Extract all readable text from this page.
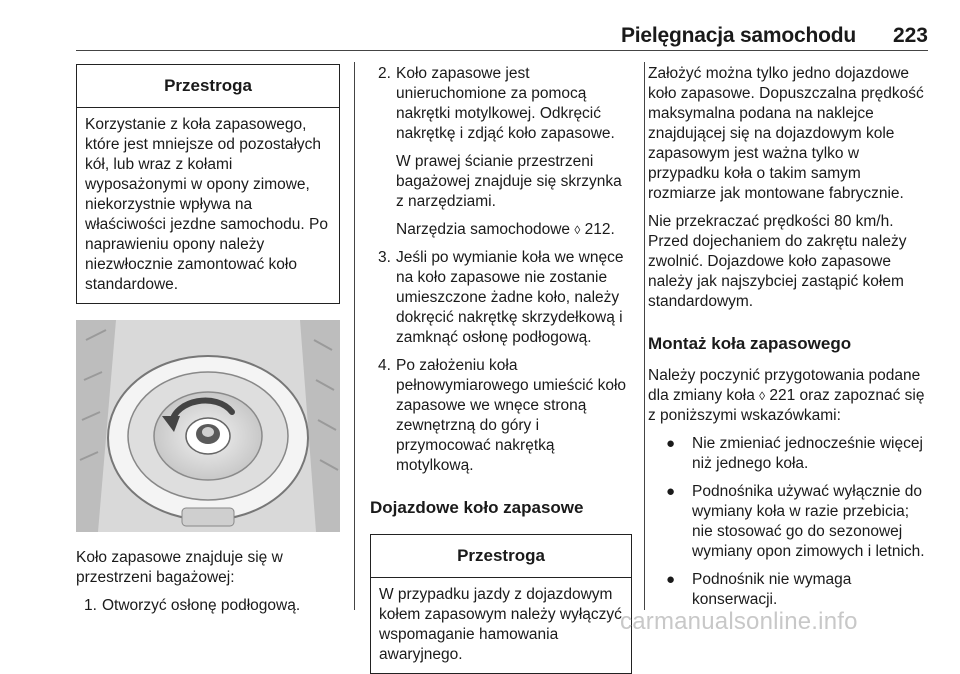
Pielęgnacja samochodu 223
Przestroga
Korzystanie z koła zapasowego, które jest mniejsze od pozostałych kół, lub wraz z kołami wyposażonymi w opony zimowe, niekorzystnie wpływa na właściwości jezdne samochodu. Po naprawieniu opony należy niezwłocznie zamontować koło standardowe.

Koło zapasowe znajduje się w przestrzeni bagażowej:

1. Otworzyć osłonę podłogową.
2. Koło zapasowe jest unieruchomione za pomocą nakrętki motylkowej. Odkręcić nakrętkę i zdjąć koło zapasowe.

W prawej ścianie przestrzeni bagażowej znajduje się skrzynka z narzędziami.

Narzędzia samochodowe ◊ 212.

3. Jeśli po wymianie koła we wnęce na koło zapasowe nie zostanie umieszczone żadne koło, należy dokręcić nakrętkę skrzydełkową i zamknąć osłonę podłogową.
4. Po założeniu koła pełnowymiarowego umieścić koło zapasowe we wnęce stroną zewnętrzną do góry i przymocować nakrętką motylkową.
Dojazdowe koło zapasowe
Przestroga
W przypadku jazdy z dojazdowym kołem zapasowym należy wyłączyć wspomaganie hamowania awaryjnego.

Założyć można tylko jedno dojazdowe koło zapasowe. Dopuszczalna prędkość maksymalna podana na naklejce znajdującej się na dojazdowym kole zapasowym jest ważna tylko w przypadku koła o takim samym rozmiarze jak montowane fabrycznie.

Nie przekraczać prędkości 80 km/h. Przed dojechaniem do zakrętu należy zwolnić. Dojazdowe koło zapasowe należy jak najszybciej zastąpić kołem standardowym.

Montaż koła zapasowego

Należy poczynić przygotowania podane dla zmiany koła ◊ 221 oraz zapoznać się z poniższymi wskazówkami:

● Nie zmieniać jednocześnie więcej niż jednego koła.
● Podnośnika używać wyłącznie do wymiany koła w razie przebicia; nie stosować go do sezonowej wymiany opon zimowych i letnich.
● Podnośnik nie wymaga konserwacji.
carmanualsonline.info
